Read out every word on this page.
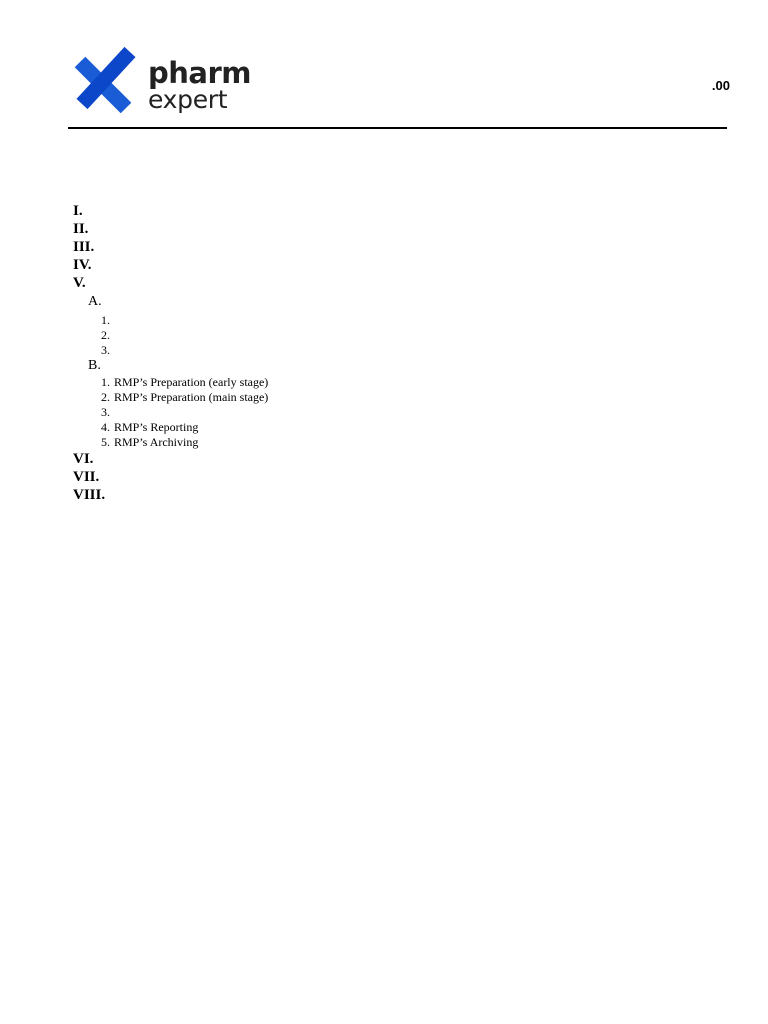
pharm
expert	.00
I.
II.
III.
IV.
V.
A.
1.
2.
3.
B.
1. RMP’s Preparation (early stage)
2. RMP’s Preparation (main stage)
3.
4. RMP’s Reporting
5. RMP’s Archiving
VI.
VII.
VIII.
